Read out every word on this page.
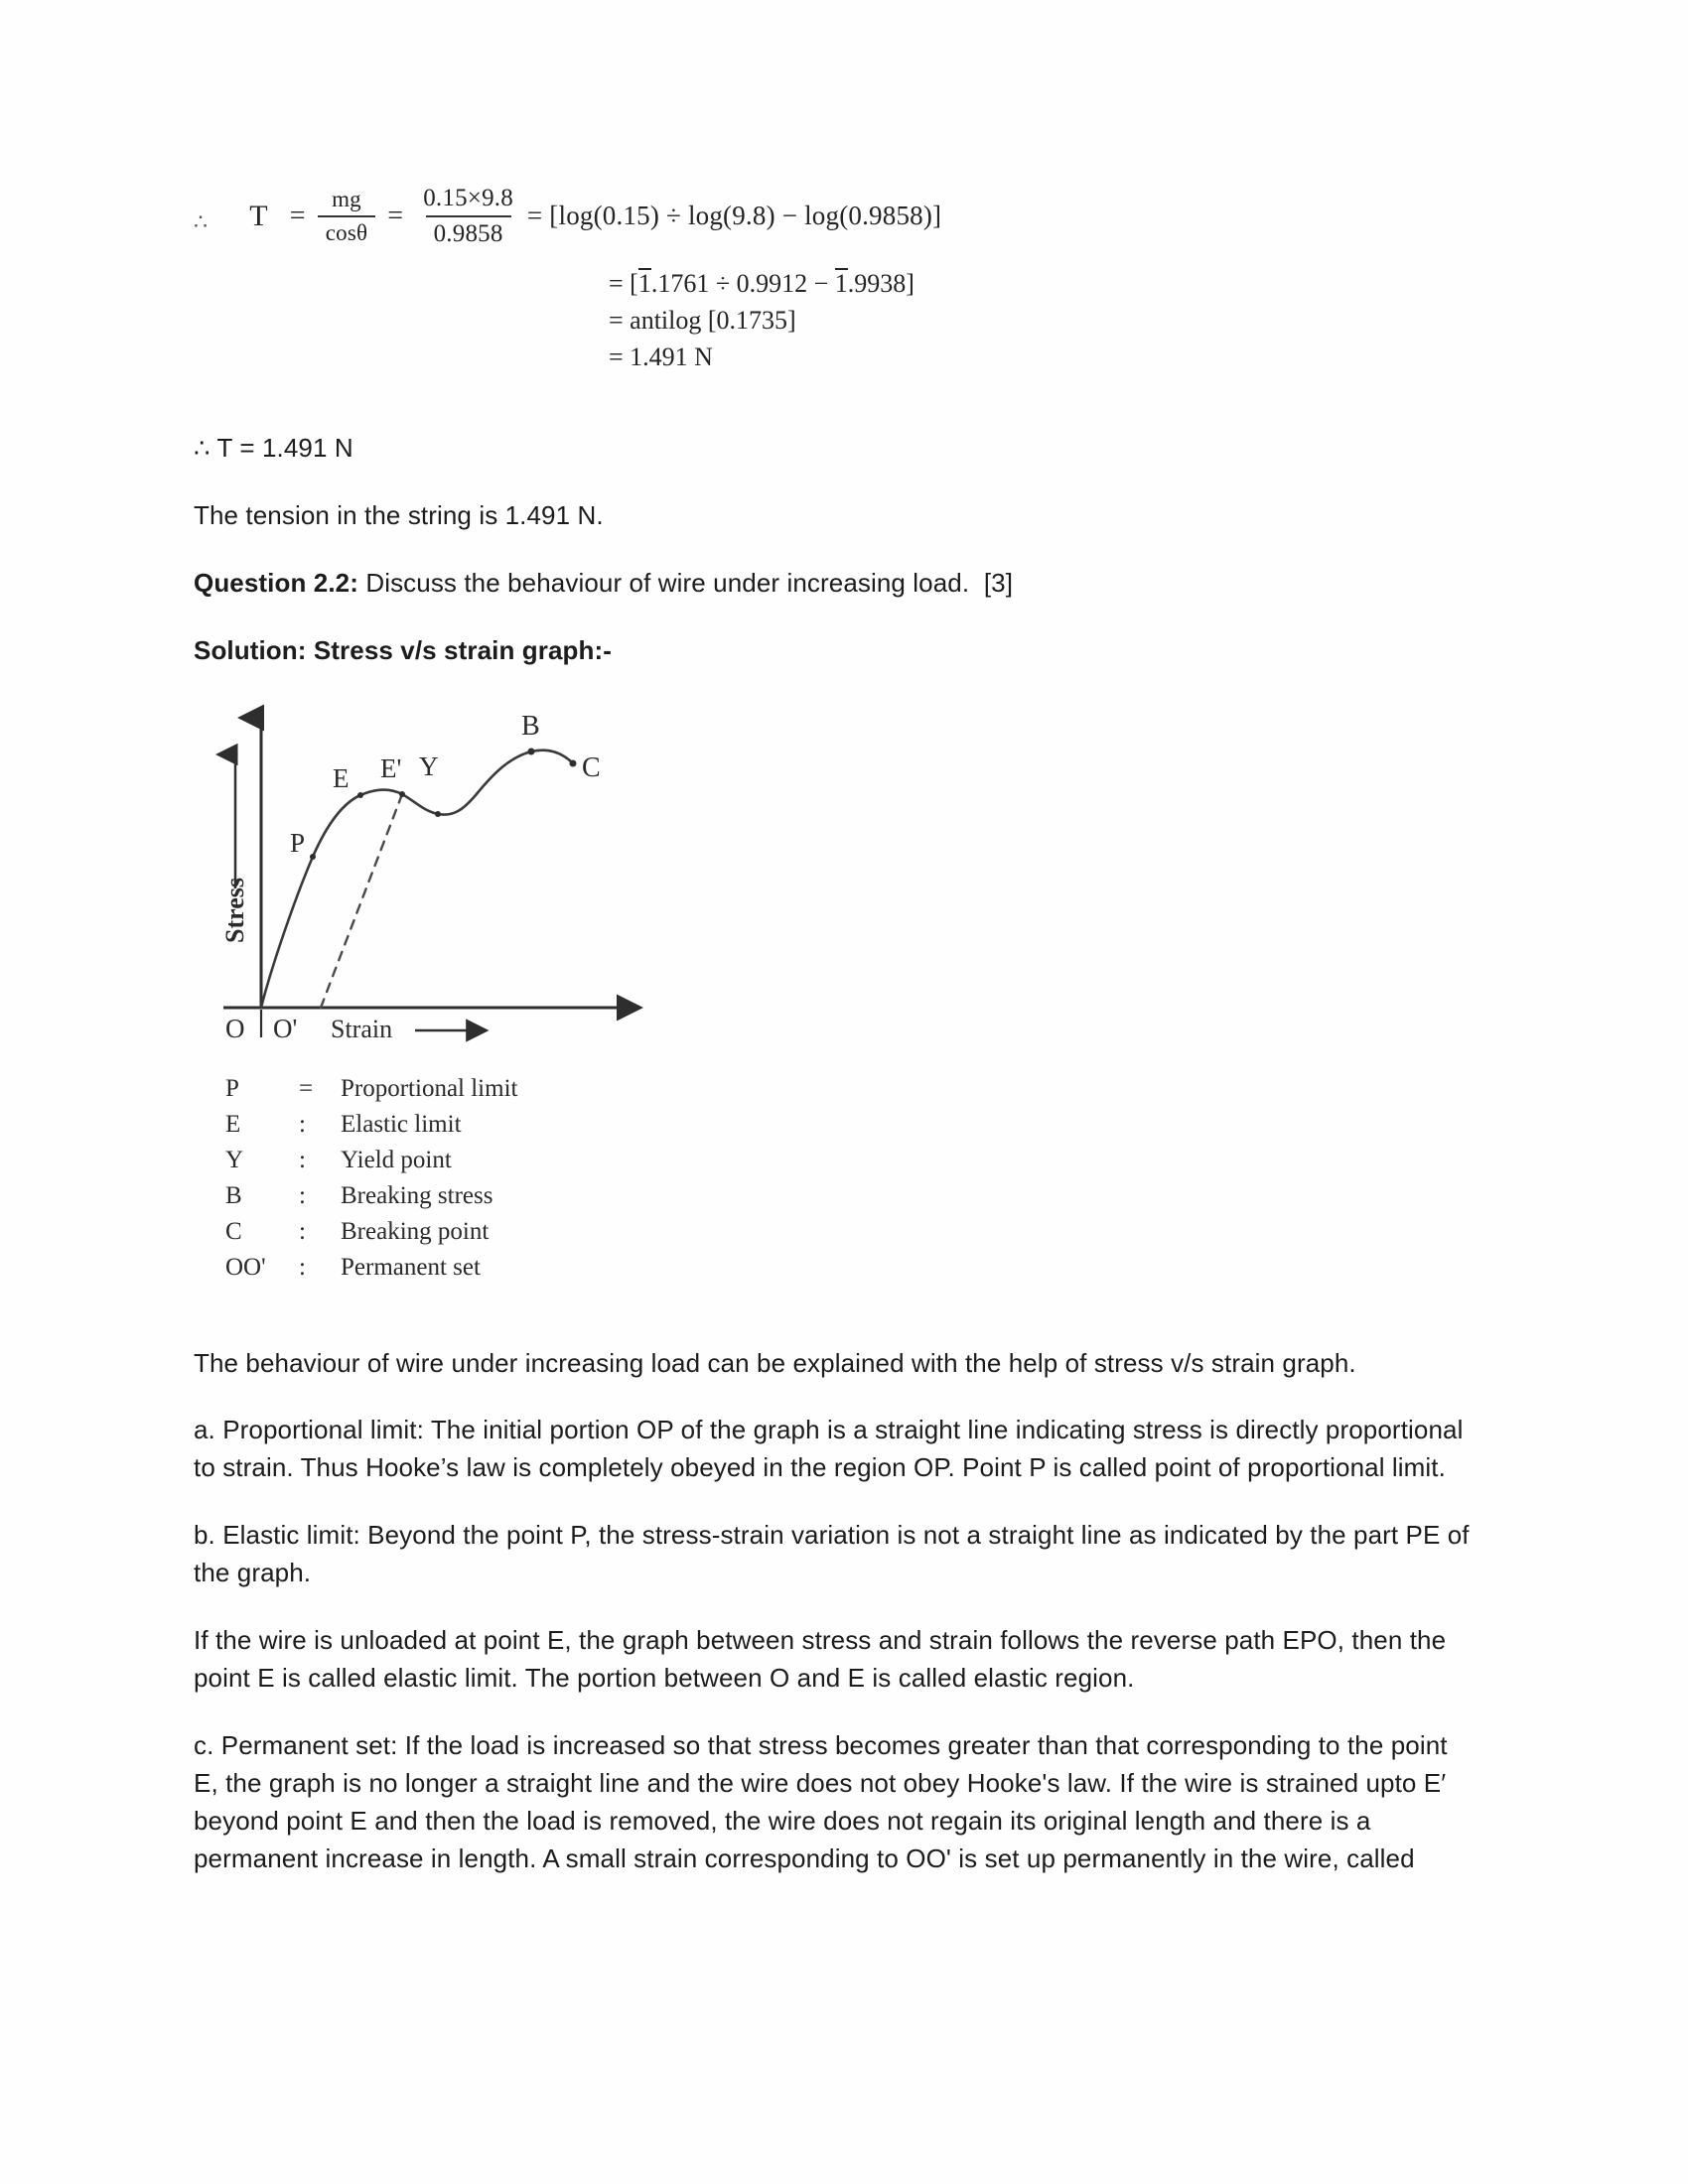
∴ $T = \frac{mg}{\cos\theta} = \frac{0.15\times 9.8}{0.9858} = [\log(0.15) \div \log(9.8) - \log(0.9858)]$
= [1.1761 ÷ 0.9912 − 1.9938]
= antilog [0.1735]
= 1.491 N

∴ T = 1.491 N

The tension in the string is 1.491 N.

Question 2.2: Discuss the behaviour of wire under increasing load. [3]

Solution: Stress v/s strain graph:-

P
E E' Y
B
C
Stress
O O' Strain
P	=	Proportional limit
E	:	Elastic limit
Y	:	Yield point
B	:	Breaking stress
C	:	Breaking point
OO'	:	Permanent set

The behaviour of wire under increasing load can be explained with the help of stress v/s strain graph.

a. Proportional limit: The initial portion OP of the graph is a straight line indicating stress is directly proportional to strain. Thus Hooke’s law is completely obeyed in the region OP. Point P is called point of proportional limit.

b. Elastic limit: Beyond the point P, the stress-strain variation is not a straight line as indicated by the part PE of the graph.

If the wire is unloaded at point E, the graph between stress and strain follows the reverse path EPO, then the point E is called elastic limit. The portion between O and E is called elastic region.

c. Permanent set: If the load is increased so that stress becomes greater than that corresponding to the point E, the graph is no longer a straight line and the wire does not obey Hooke's law. If the wire is strained upto E′ beyond point E and then the load is removed, the wire does not regain its original length and there is a permanent increase in length. A small strain corresponding to OO' is set up permanently in the wire, called
